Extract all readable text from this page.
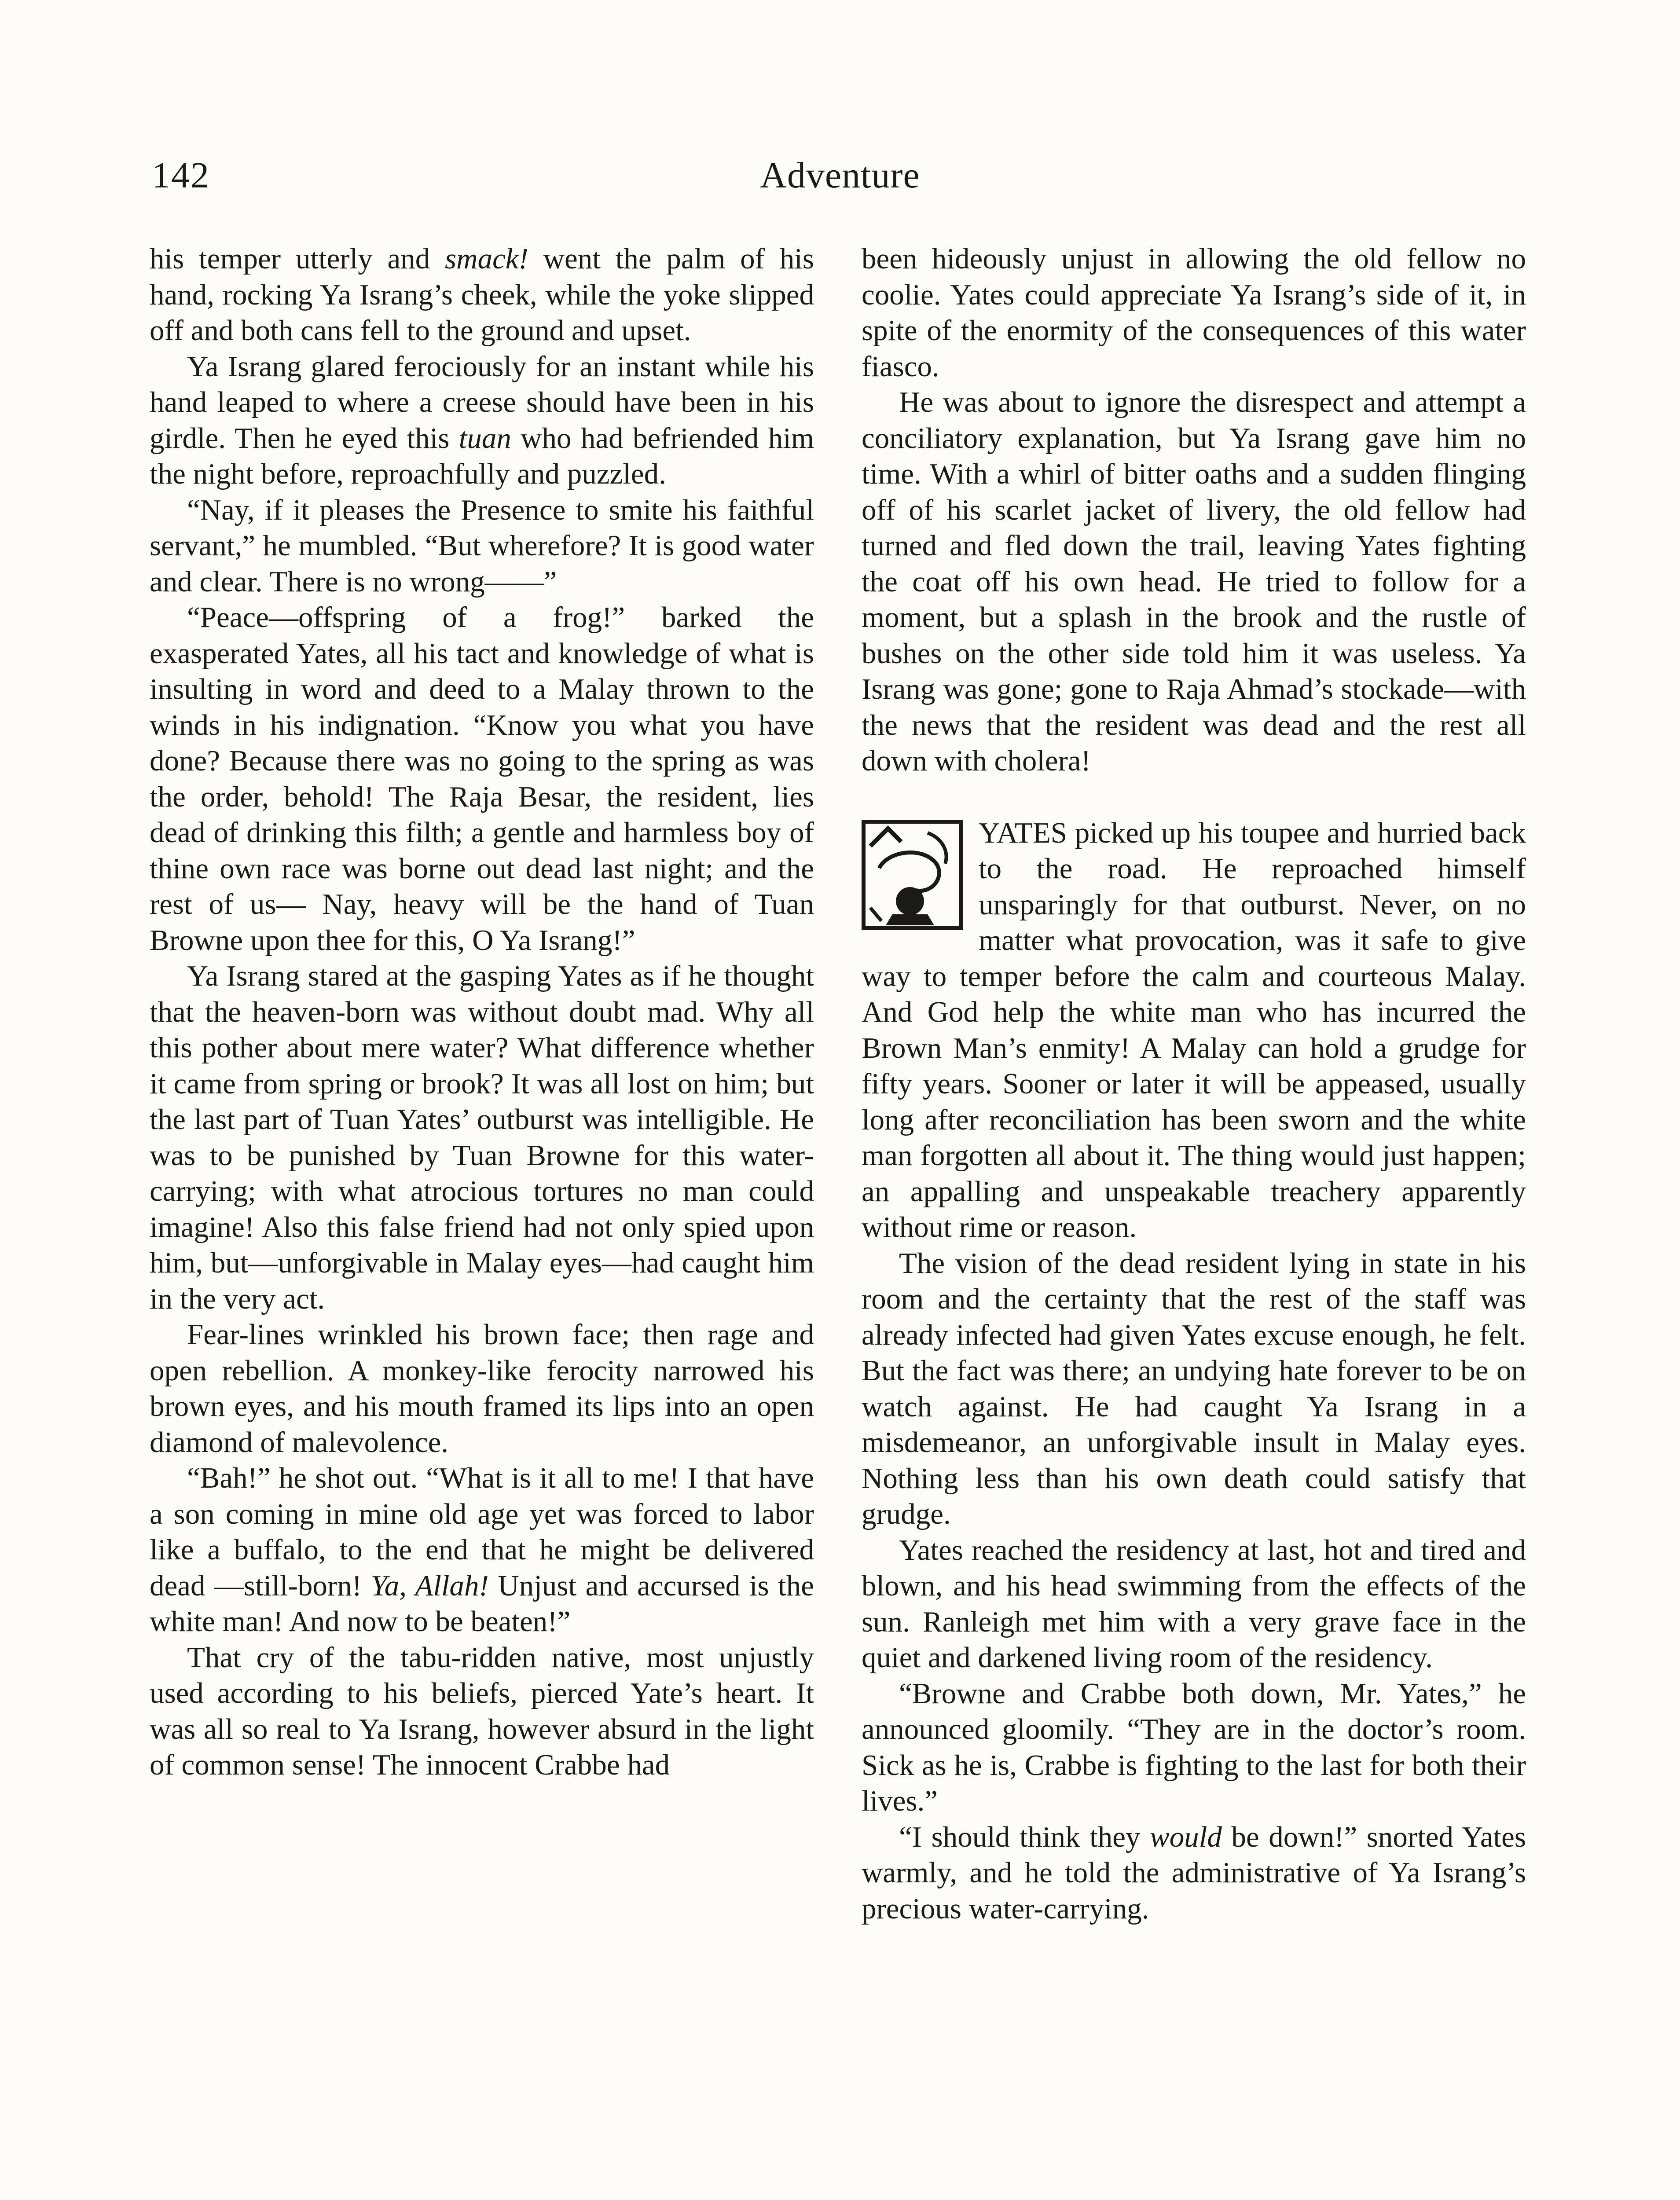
142	Adventure

his temper utterly and smack! went the palm of his hand, rocking Ya Israng’s cheek, while the yoke slipped off and both cans fell to the ground and upset.

Ya Israng glared ferociously for an instant while his hand leaped to where a creese should have been in his girdle. Then he eyed this tuan who had befriended him the night before, reproachfully and puzzled.

“Nay, if it pleases the Presence to smite his faithful servant,” he mumbled. “But wherefore? It is good water and clear. There is no wrong——”

“Peace—offspring of a frog!” barked the exasperated Yates, all his tact and knowledge of what is insulting in word and deed to a Malay thrown to the winds in his indignation. “Know you what you have done? Because there was no going to the spring as was the order, behold! The Raja Besar, the resident, lies dead of drinking this filth; a gentle and harmless boy of thine own race was borne out dead last night; and the rest of us— Nay, heavy will be the hand of Tuan Browne upon thee for this, O Ya Israng!”

Ya Israng stared at the gasping Yates as if he thought that the heaven-born was without doubt mad. Why all this pother about mere water? What difference whether it came from spring or brook? It was all lost on him; but the last part of Tuan Yates’ outburst was intelligible. He was to be punished by Tuan Browne for this water-carrying; with what atrocious tortures no man could imagine! Also this false friend had not only spied upon him, but—unforgivable in Malay eyes—had caught him in the very act.

Fear-lines wrinkled his brown face; then rage and open rebellion. A monkey-like ferocity narrowed his brown eyes, and his mouth framed its lips into an open diamond of malevolence.

“Bah!” he shot out. “What is it all to me! I that have a son coming in mine old age yet was forced to labor like a buffalo, to the end that he might be delivered dead —still-born! Ya, Allah! Unjust and accursed is the white man! And now to be beaten!”

That cry of the tabu-ridden native, most unjustly used according to his beliefs, pierced Yate’s heart. It was all so real to Ya Israng, however absurd in the light of common sense! The innocent Crabbe had

been hideously unjust in allowing the old fellow no coolie. Yates could appreciate Ya Israng’s side of it, in spite of the enormity of the consequences of this water fiasco.

He was about to ignore the disrespect and attempt a conciliatory explanation, but Ya Israng gave him no time. With a whirl of bitter oaths and a sudden flinging off of his scarlet jacket of livery, the old fellow had turned and fled down the trail, leaving Yates fighting the coat off his own head. He tried to follow for a moment, but a splash in the brook and the rustle of bushes on the other side told him it was useless. Ya Israng was gone; gone to Raja Ahmad’s stockade—with the news that the resident was dead and the rest all down with cholera!

YATES picked up his toupee and hurried back to the road. He reproached himself unsparingly for that outburst. Never, on no matter what provocation, was it safe to give way to temper before the calm and courteous Malay. And God help the white man who has incurred the Brown Man’s enmity! A Malay can hold a grudge for fifty years. Sooner or later it will be appeased, usually long after reconciliation has been sworn and the white man forgotten all about it. The thing would just happen; an appalling and unspeakable treachery apparently without rime or reason.

The vision of the dead resident lying in state in his room and the certainty that the rest of the staff was already infected had given Yates excuse enough, he felt. But the fact was there; an undying hate forever to be on watch against. He had caught Ya Israng in a misdemeanor, an unforgivable insult in Malay eyes. Nothing less than his own death could satisfy that grudge.

Yates reached the residency at last, hot and tired and blown, and his head swimming from the effects of the sun. Ranleigh met him with a very grave face in the quiet and darkened living room of the residency.

“Browne and Crabbe both down, Mr. Yates,” he announced gloomily. “They are in the doctor’s room. Sick as he is, Crabbe is fighting to the last for both their lives.”

“I should think they would be down!” snorted Yates warmly, and he told the administrative of Ya Israng’s precious water-carrying.
